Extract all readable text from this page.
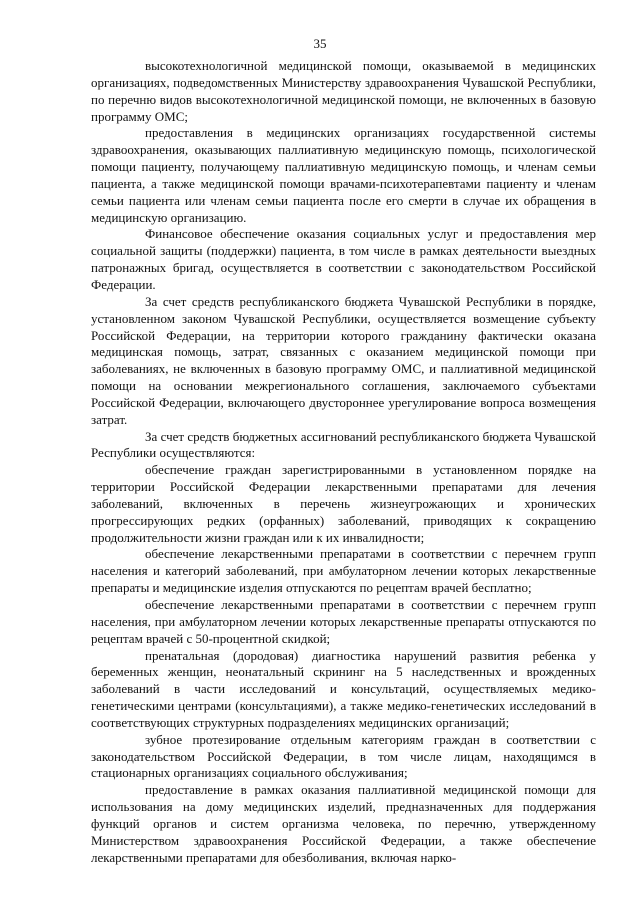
35

высокотехнологичной медицинской помощи, оказываемой в медицинских организациях, подведомственных Министерству здравоохранения Чувашской Республики, по перечню видов высокотехнологичной медицинской помощи, не включенных в базовую программу ОМС;

предоставления в медицинских организациях государственной системы здравоохранения, оказывающих паллиативную медицинскую помощь, психологической помощи пациенту, получающему паллиативную медицинскую помощь, и членам семьи пациента, а также медицинской помощи врачами-психотерапевтами пациенту и членам семьи пациента или членам семьи пациента после его смерти в случае их обращения в медицинскую организацию.

Финансовое обеспечение оказания социальных услуг и предоставления мер социальной защиты (поддержки) пациента, в том числе в рамках деятельности выездных патронажных бригад, осуществляется в соответствии с законодательством Российской Федерации.

За счет средств республиканского бюджета Чувашской Республики в порядке, установленном законом Чувашской Республики, осуществляется возмещение субъекту Российской Федерации, на территории которого гражданину фактически оказана медицинская помощь, затрат, связанных с оказанием медицинской помощи при заболеваниях, не включенных в базовую программу ОМС, и паллиативной медицинской помощи на основании межрегионального соглашения, заключаемого субъектами Российской Федерации, включающего двустороннее урегулирование вопроса возмещения затрат.

За счет средств бюджетных ассигнований республиканского бюджета Чувашской Республики осуществляются:

обеспечение граждан зарегистрированными в установленном порядке на территории Российской Федерации лекарственными препаратами для лечения заболеваний, включенных в перечень жизнеугрожающих и хронических прогрессирующих редких (орфанных) заболеваний, приводящих к сокращению продолжительности жизни граждан или к их инвалидности;

обеспечение лекарственными препаратами в соответствии с перечнем групп населения и категорий заболеваний, при амбулаторном лечении которых лекарственные препараты и медицинские изделия отпускаются по рецептам врачей бесплатно;

обеспечение лекарственными препаратами в соответствии с перечнем групп населения, при амбулаторном лечении которых лекарственные препараты отпускаются по рецептам врачей с 50-процентной скидкой;

пренатальная (дородовая) диагностика нарушений развития ребенка у беременных женщин, неонатальный скрининг на 5 наследственных и врожденных заболеваний в части исследований и консультаций, осуществляемых медико-генетическими центрами (консультациями), а также медико-генетических исследований в соответствующих структурных подразделениях медицинских организаций;

зубное протезирование отдельным категориям граждан в соответствии с законодательством Российской Федерации, в том числе лицам, находящимся в стационарных организациях социального обслуживания;

предоставление в рамках оказания паллиативной медицинской помощи для использования на дому медицинских изделий, предназначенных для поддержания функций органов и систем организма человека, по перечню, утвержденному Министерством здравоохранения Российской Федерации, а также обеспечение лекарственными препаратами для обезболивания, включая нарко-
